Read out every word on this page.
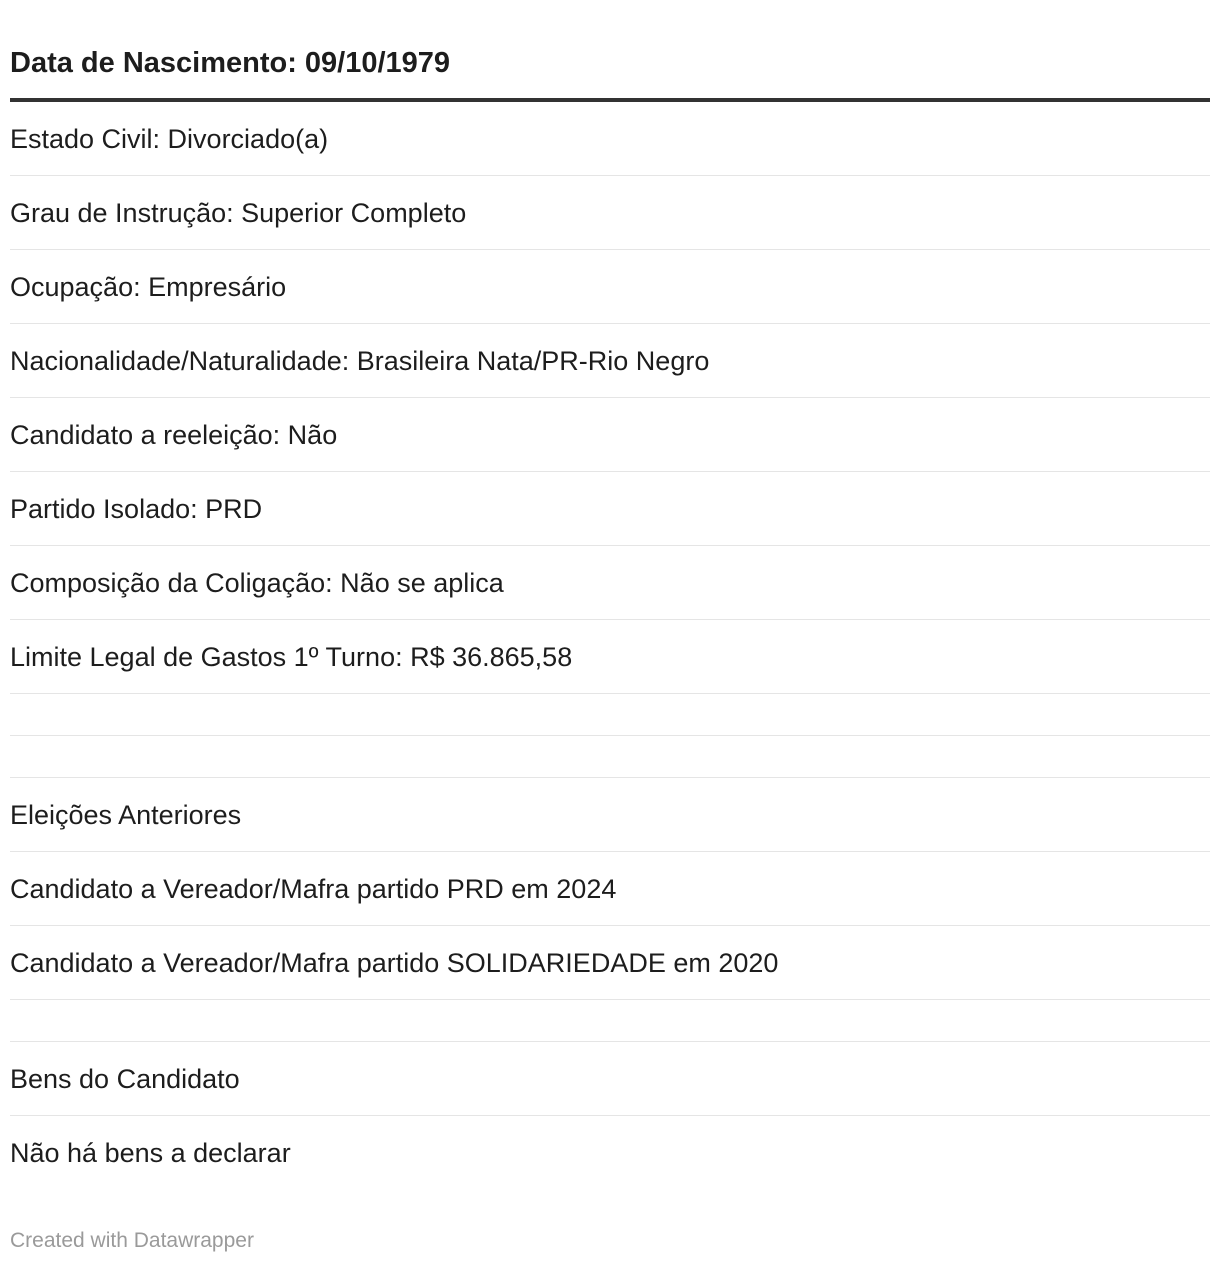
Data de Nascimento: 09/10/1979
Estado Civil: Divorciado(a)
Grau de Instrução: Superior Completo
Ocupação: Empresário
Nacionalidade/Naturalidade: Brasileira Nata/PR-Rio Negro
Candidato a reeleição: Não
Partido Isolado: PRD
Composição da Coligação: Não se aplica
Limite Legal de Gastos 1º Turno: R$ 36.865,58
Eleições Anteriores
Candidato a Vereador/Mafra partido PRD em 2024
Candidato a Vereador/Mafra partido SOLIDARIEDADE em 2020
Bens do Candidato
Não há bens a declarar
Created with Datawrapper
